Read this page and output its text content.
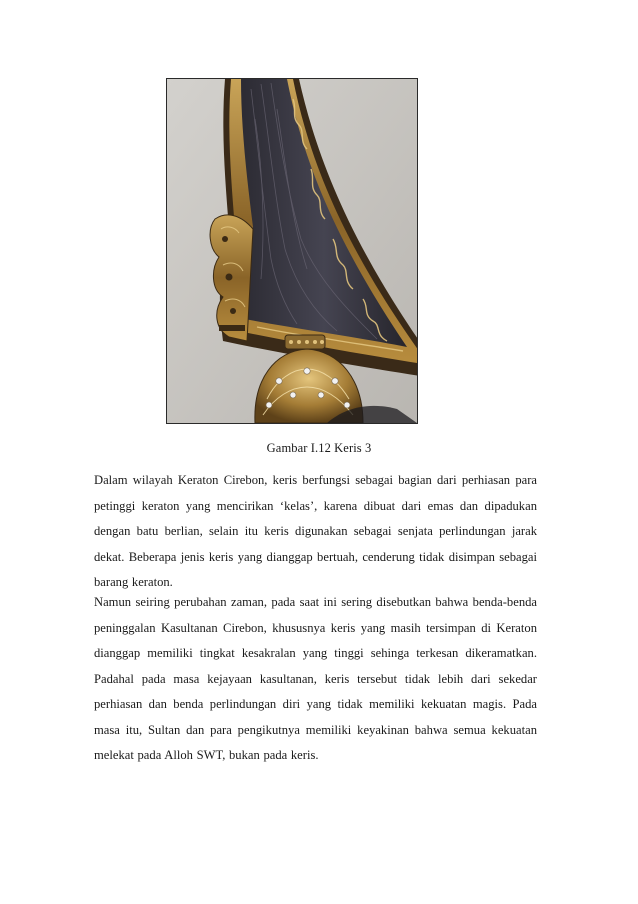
Gambar I.12 Keris 3

Dalam wilayah Keraton Cirebon, keris berfungsi sebagai bagian dari perhiasan para petinggi keraton yang mencirikan ‘kelas’, karena dibuat dari emas dan dipadukan dengan batu berlian, selain itu keris digunakan sebagai senjata perlindungan jarak dekat. Beberapa jenis keris yang dianggap bertuah, cenderung tidak disimpan sebagai barang keraton.

Namun seiring perubahan zaman, pada saat ini sering disebutkan bahwa benda-benda peninggalan Kasultanan Cirebon, khususnya keris yang masih tersimpan di Keraton dianggap memiliki tingkat kesakralan yang tinggi sehinga terkesan dikeramatkan. Padahal pada masa kejayaan kasultanan, keris tersebut tidak lebih dari sekedar perhiasan dan benda perlindungan diri yang tidak memiliki kekuatan magis. Pada masa itu, Sultan dan para pengikutnya memiliki keyakinan bahwa semua kekuatan melekat pada Alloh SWT, bukan pada keris.
